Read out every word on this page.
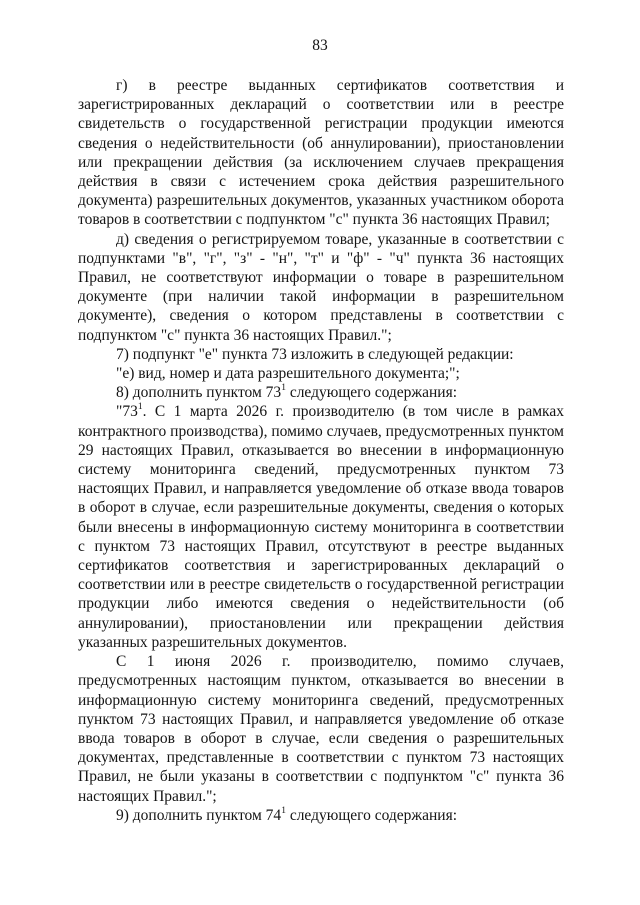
83

г) в реестре выданных сертификатов соответствия и зарегистрированных деклараций о соответствии или в реестре свидетельств о государственной регистрации продукции имеются сведения о недействительности (об аннулировании), приостановлении или прекращении действия (за исключением случаев прекращения действия в связи с истечением срока действия разрешительного документа) разрешительных документов, указанных участником оборота товаров в соответствии с подпунктом "с" пункта 36 настоящих Правил;

д) сведения о регистрируемом товаре, указанные в соответствии с подпунктами "в", "г", "з" - "н", "т" и "ф" - "ч" пункта 36 настоящих Правил, не соответствуют информации о товаре в разрешительном документе (при наличии такой информации в разрешительном документе), сведения о котором представлены в соответствии с подпунктом "с" пункта 36 настоящих Правил.";

7) подпункт "е" пункта 73 изложить в следующей редакции:

"е) вид, номер и дата разрешительного документа;";

8) дополнить пунктом $73^1$ следующего содержания:

"$73^1$. С 1 марта 2026 г. производителю (в том числе в рамках контрактного производства), помимо случаев, предусмотренных пунктом 29 настоящих Правил, отказывается во внесении в информационную систему мониторинга сведений, предусмотренных пунктом 73 настоящих Правил, и направляется уведомление об отказе ввода товаров в оборот в случае, если разрешительные документы, сведения о которых были внесены в информационную систему мониторинга в соответствии с пунктом 73 настоящих Правил, отсутствуют в реестре выданных сертификатов соответствия и зарегистрированных деклараций о соответствии или в реестре свидетельств о государственной регистрации продукции либо имеются сведения о недействительности (об аннулировании), приостановлении или прекращении действия указанных разрешительных документов.

С 1 июня 2026 г. производителю, помимо случаев, предусмотренных настоящим пунктом, отказывается во внесении в информационную систему мониторинга сведений, предусмотренных пунктом 73 настоящих Правил, и направляется уведомление об отказе ввода товаров в оборот в случае, если сведения о разрешительных документах, представленные в соответствии с пунктом 73 настоящих Правил, не были указаны в соответствии с подпунктом "с" пункта 36 настоящих Правил.";

9) дополнить пунктом $74^1$ следующего содержания:
